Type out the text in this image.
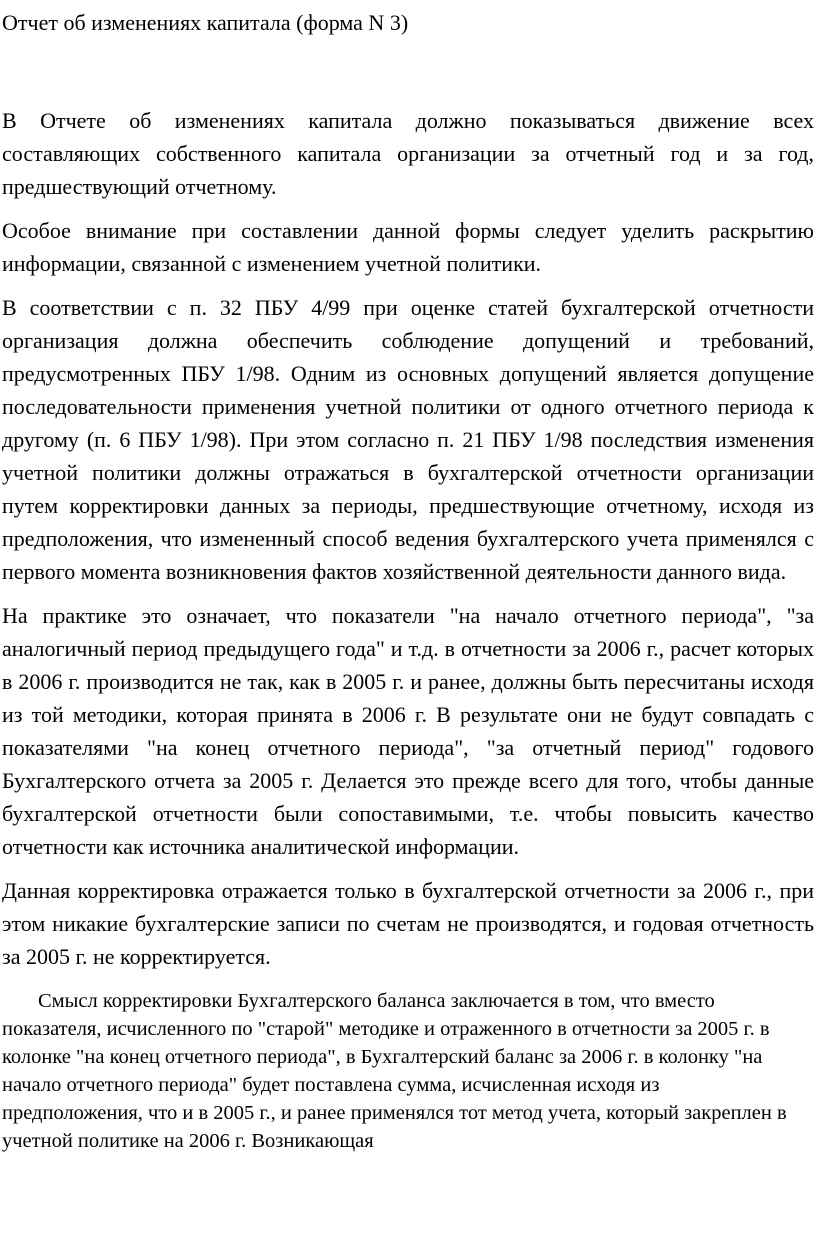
Отчет об изменениях капитала (форма N 3)

В Отчете об изменениях капитала должно показываться движение всех составляющих собственного капитала организации за отчетный год и за год, предшествующий отчетному.

Особое внимание при составлении данной формы следует уделить раскрытию информации, связанной с изменением учетной политики.

В соответствии с п. 32 ПБУ 4/99 при оценке статей бухгалтерской отчетности организация должна обеспечить соблюдение допущений и требований, предусмотренных ПБУ 1/98. Одним из основных допущений является допущение последовательности применения учетной политики от одного отчетного периода к другому (п. 6 ПБУ 1/98). При этом согласно п. 21 ПБУ 1/98 последствия изменения учетной политики должны отражаться в бухгалтерской отчетности организации путем корректировки данных за периоды, предшествующие отчетному, исходя из предположения, что измененный способ ведения бухгалтерского учета применялся с первого момента возникновения фактов хозяйственной деятельности данного вида.

На практике это означает, что показатели "на начало отчетного периода", "за аналогичный период предыдущего года" и т.д. в отчетности за 2006 г., расчет которых в 2006 г. производится не так, как в 2005 г. и ранее, должны быть пересчитаны исходя из той методики, которая принята в 2006 г. В результате они не будут совпадать с показателями "на конец отчетного периода", "за отчетный период" годового Бухгалтерского отчета за 2005 г. Делается это прежде всего для того, чтобы данные бухгалтерской отчетности были сопоставимыми, т.е. чтобы повысить качество отчетности как источника аналитической информации.

Данная корректировка отражается только в бухгалтерской отчетности за 2006 г., при этом никакие бухгалтерские записи по счетам не производятся, и годовая отчетность за 2005 г. не корректируется.

Смысл корректировки Бухгалтерского баланса заключается в том, что вместо показателя, исчисленного по "старой" методике и отраженного в отчетности за 2005 г. в колонке "на конец отчетного периода", в Бухгалтерский баланс за 2006 г. в колонку "на начало отчетного периода" будет поставлена сумма, исчисленная исходя из предположения, что и в 2005 г., и ранее применялся тот метод учета, который закреплен в учетной политике на 2006 г. Возникающая
